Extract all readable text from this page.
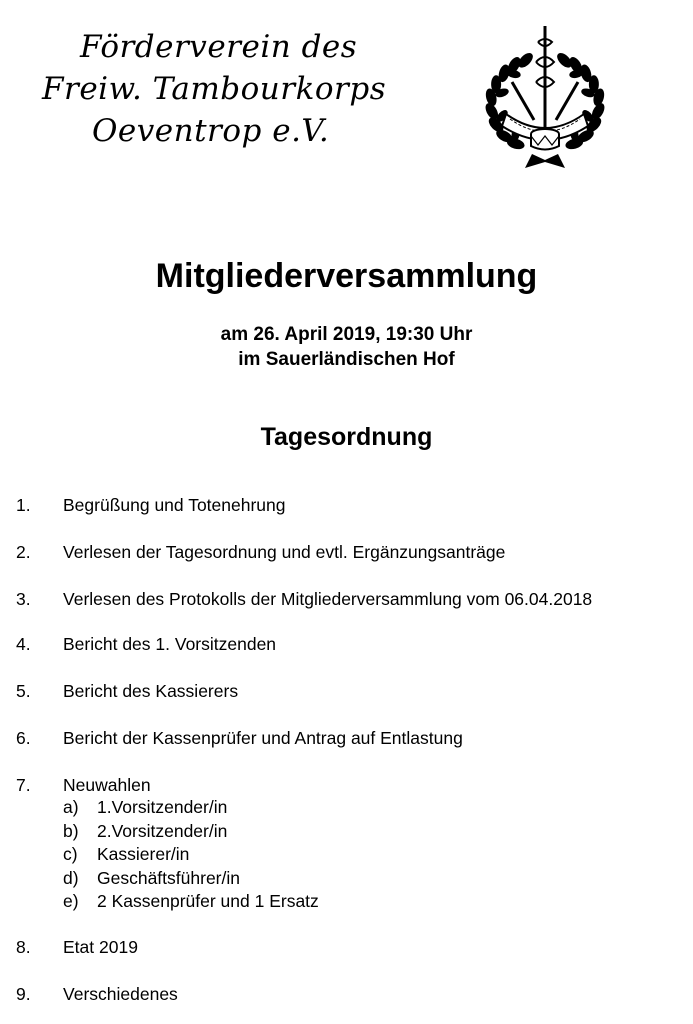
Förderverein des
Freiw. Tambourkorps
Oeventrop e.V.
Mitgliederversammlung
am 26. April 2019, 19:30 Uhr
im Sauerländischen Hof
Tagesordnung
1. Begrüßung und Totenehrung
2. Verlesen der Tagesordnung und evtl. Ergänzungsanträge
3. Verlesen des Protokolls der Mitgliederversammlung vom 06.04.2018
4. Bericht des 1. Vorsitzenden
5. Bericht des Kassierers
6. Bericht der Kassenprüfer und Antrag auf Entlastung
7. Neuwahlen
a) 1.Vorsitzender/in
b) 2.Vorsitzender/in
c) Kassierer/in
d) Geschäftsführer/in
e) 2 Kassenprüfer und 1 Ersatz
8. Etat 2019
9. Verschiedenes
